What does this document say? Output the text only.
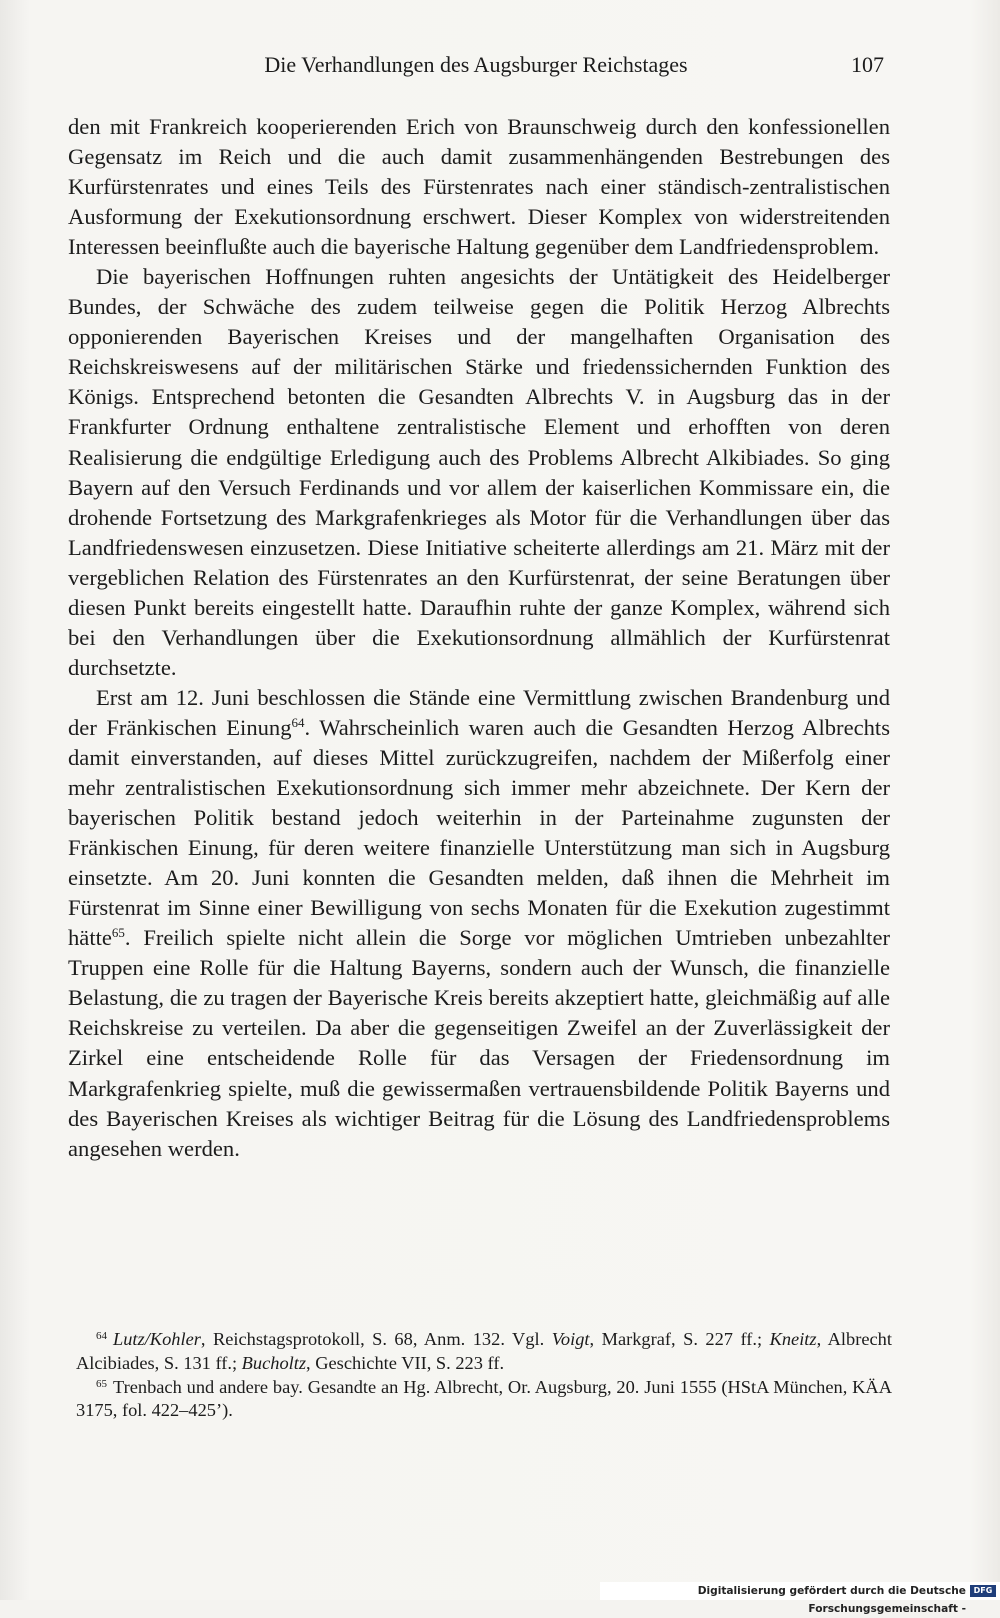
Die Verhandlungen des Augsburger Reichstages	107

den mit Frankreich kooperierenden Erich von Braunschweig durch den konfessionellen Gegensatz im Reich und die auch damit zusammenhängenden Bestrebungen des Kurfürstenrates und eines Teils des Fürstenrates nach einer ständisch-zentralistischen Ausformung der Exekutionsordnung erschwert. Dieser Komplex von widerstreitenden Interessen beeinflußte auch die bayerische Haltung gegenüber dem Landfriedensproblem.

Die bayerischen Hoffnungen ruhten angesichts der Untätigkeit des Heidelberger Bundes, der Schwäche des zudem teilweise gegen die Politik Herzog Albrechts opponierenden Bayerischen Kreises und der mangelhaften Organisation des Reichskreiswesens auf der militärischen Stärke und friedenssichernden Funktion des Königs. Entsprechend betonten die Gesandten Albrechts V. in Augsburg das in der Frankfurter Ordnung enthaltene zentralistische Element und erhofften von deren Realisierung die endgültige Erledigung auch des Problems Albrecht Alkibiades. So ging Bayern auf den Versuch Ferdinands und vor allem der kaiserlichen Kommissare ein, die drohende Fortsetzung des Markgrafenkrieges als Motor für die Verhandlungen über das Landfriedenswesen einzusetzen. Diese Initiative scheiterte allerdings am 21. März mit der vergeblichen Relation des Fürstenrates an den Kurfürstenrat, der seine Beratungen über diesen Punkt bereits eingestellt hatte. Daraufhin ruhte der ganze Komplex, während sich bei den Verhandlungen über die Exekutionsordnung allmählich der Kurfürstenrat durchsetzte.

Erst am 12. Juni beschlossen die Stände eine Vermittlung zwischen Brandenburg und der Fränkischen Einung$^{64}$. Wahrscheinlich waren auch die Gesandten Herzog Albrechts damit einverstanden, auf dieses Mittel zurückzugreifen, nachdem der Mißerfolg einer mehr zentralistischen Exekutionsordnung sich immer mehr abzeichnete. Der Kern der bayerischen Politik bestand jedoch weiterhin in der Parteinahme zugunsten der Fränkischen Einung, für deren weitere finanzielle Unterstützung man sich in Augsburg einsetzte. Am 20. Juni konnten die Gesandten melden, daß ihnen die Mehrheit im Fürstenrat im Sinne einer Bewilligung von sechs Monaten für die Exekution zugestimmt hätte$^{65}$. Freilich spielte nicht allein die Sorge vor möglichen Umtrieben unbezahlter Truppen eine Rolle für die Haltung Bayerns, sondern auch der Wunsch, die finanzielle Belastung, die zu tragen der Bayerische Kreis bereits akzeptiert hatte, gleichmäßig auf alle Reichskreise zu verteilen. Da aber die gegenseitigen Zweifel an der Zuverlässigkeit der Zirkel eine entscheidende Rolle für das Versagen der Friedensordnung im Markgrafenkrieg spielte, muß die gewissermaßen vertrauensbildende Politik Bayerns und des Bayerischen Kreises als wichtiger Beitrag für die Lösung des Landfriedensproblems angesehen werden.

$^{64}$ Lutz/Kohler, Reichstagsprotokoll, S. 68, Anm. 132. Vgl. Voigt, Markgraf, S. 227 ff.; Kneitz, Albrecht Alcibiades, S. 131 ff.; Bucholtz, Geschichte VII, S. 223 ff.

$^{65}$ Trenbach und andere bay. Gesandte an Hg. Albrecht, Or. Augsburg, 20. Juni 1555 (HStA München, KÄA 3175, fol. 422–425’).

Digitalisierung gefördert durch die Deutsche Forschungsgemeinschaft -
DFG
